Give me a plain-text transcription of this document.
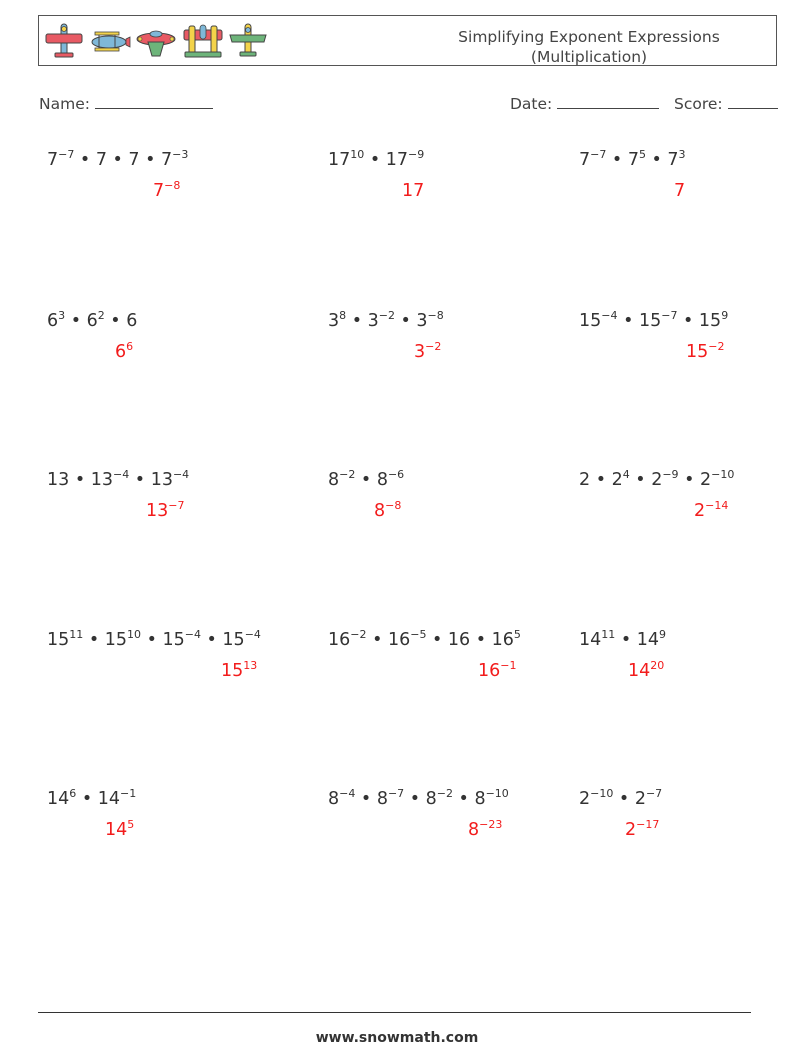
Simplifying Exponent Expressions
(Multiplication)
Name:	Date:	Score:
$7^{-7}$ • 7 • 7 • $7^{-3}$
$7^{-8}$
$17^{10}$ • $17^{-9}$
17
$7^{-7}$ • $7^5$ • $7^3$
7
$6^3$ • $6^2$ • 6
$6^6$
$3^8$ • $3^{-2}$ • $3^{-8}$
$3^{-2}$
$15^{-4}$ • $15^{-7}$ • $15^9$
$15^{-2}$
13 • $13^{-4}$ • $13^{-4}$
$13^{-7}$
$8^{-2}$ • $8^{-6}$
$8^{-8}$
2 • $2^4$ • $2^{-9}$ • $2^{-10}$
$2^{-14}$
$15^{11}$ • $15^{10}$ • $15^{-4}$ • $15^{-4}$
$15^{13}$
$16^{-2}$ • $16^{-5}$ • 16 • $16^5$
$16^{-1}$
$14^{11}$ • $14^9$
$14^{20}$
$14^6$ • $14^{-1}$
$14^5$
$8^{-4}$ • $8^{-7}$ • $8^{-2}$ • $8^{-10}$
$8^{-23}$
$2^{-10}$ • $2^{-7}$
$2^{-17}$
www.snowmath.com
